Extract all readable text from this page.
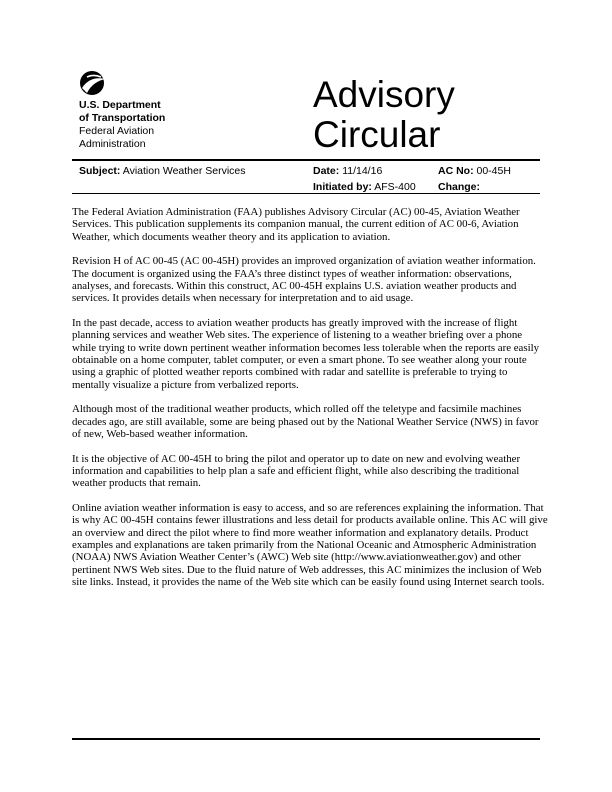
U.S. Department
of Transportation
Federal Aviation
Administration
Advisory
Circular
Subject: Aviation Weather Services	Date: 11/14/16	AC No: 00-45H
Initiated by: AFS-400 Change:

The Federal Aviation Administration (FAA) publishes Advisory Circular (AC) 00-45, Aviation Weather Services. This publication supplements its companion manual, the current edition of AC 00-6, Aviation Weather, which documents weather theory and its application to aviation.

Revision H of AC 00-45 (AC 00-45H) provides an improved organization of aviation weather information. The document is organized using the FAA’s three distinct types of weather information: observations, analyses, and forecasts. Within this construct, AC 00-45H explains U.S. aviation weather products and services. It provides details when necessary for interpretation and to aid usage.

In the past decade, access to aviation weather products has greatly improved with the increase of flight planning services and weather Web sites. The experience of listening to a weather briefing over a phone while trying to write down pertinent weather information becomes less tolerable when the reports are easily obtainable on a home computer, tablet computer, or even a smart phone. To see weather along your route using a graphic of plotted weather reports combined with radar and satellite is preferable to trying to mentally visualize a picture from verbalized reports.

Although most of the traditional weather products, which rolled off the teletype and facsimile machines decades ago, are still available, some are being phased out by the National Weather Service (NWS) in favor of new, Web-based weather information.

It is the objective of AC 00-45H to bring the pilot and operator up to date on new and evolving weather information and capabilities to help plan a safe and efficient flight, while also describing the traditional weather products that remain.

Online aviation weather information is easy to access, and so are references explaining the information. That is why AC 00-45H contains fewer illustrations and less detail for products available online. This AC will give an overview and direct the pilot where to find more weather information and explanatory details. Product examples and explanations are taken primarily from the National Oceanic and Atmospheric Administration (NOAA) NWS Aviation Weather Center’s (AWC) Web site (http://www.aviationweather.gov) and other pertinent NWS Web sites. Due to the fluid nature of Web addresses, this AC minimizes the inclusion of Web site links. Instead, it provides the name of the Web site which can be easily found using Internet search tools.
